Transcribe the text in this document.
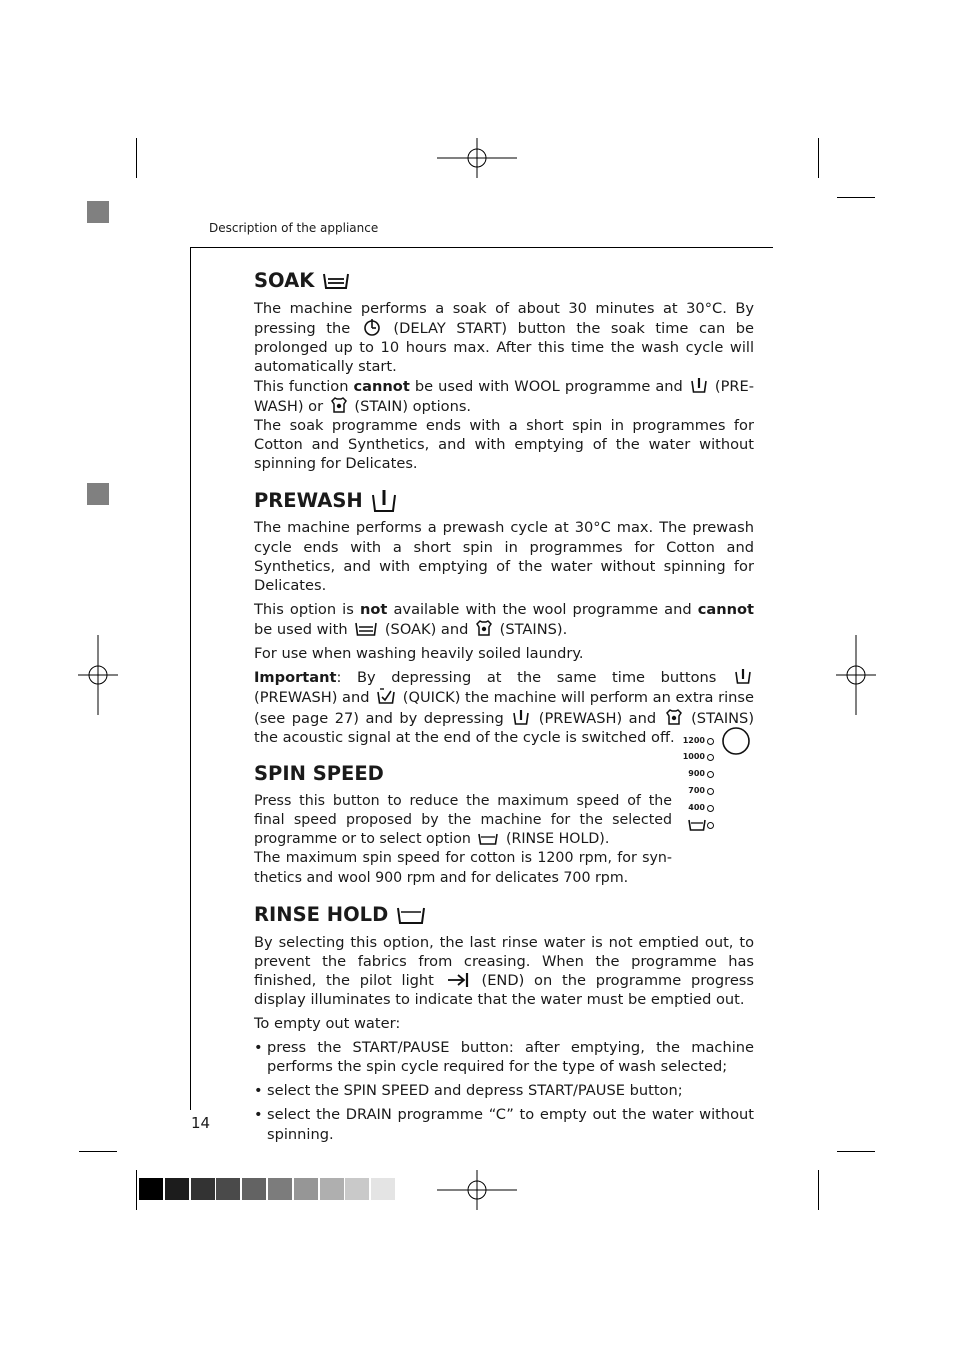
Description of the appliance
14
SOAK

The machine performs a soak of about 30 minutes at 30°C. By pressing the	(DELAY START) button the soak time can be prolonged up to 10 hours max. After this time the wash cycle will automatically start.

This function cannot be used with WOOL programme and (PRE-WASH) or (STAIN) options.

The soak programme ends with a short spin in programmes for Cotton and Synthetics, and with emptying of the water without spinning for Delicates.

PREWASH

The machine performs a prewash cycle at 30°C max. The prewash cycle ends with a short spin in programmes for Cotton and Synthetics, and with emptying of the water without spinning for Delicates.

This option is not available with the wool programme and cannot be used with	(SOAK) and (STAINS).

For use when washing heavily soiled laundry.

Important: By depressing at the same time buttons  (PREWASH) and (QUICK) the machine will perform an extra rinse (see page 27) and by depressing (PREWASH) and (STAINS) the acoustic signal at the end of the cycle is switched off.

SPIN SPEED

Press this button to reduce the maximum speed of the final speed proposed by the machine for the selected programme or to select option (RINSE HOLD).

The maximum spin speed for cotton is 1200 rpm, for syn-thetics and wool 900 rpm and for delicates 700 rpm.

RINSE HOLD

By selecting this option, the last rinse water is not emptied out, to prevent the fabrics from creasing. When the programme has finished, the pilot light	(END) on the programme progress display illuminates to indicate that the water must be emptied out.

To empty out water:

• press the START/PAUSE button: after emptying, the machine performs the spin cycle required for the type of wash selected;
• select the SPIN SPEED and depress START/PAUSE button;
• select the DRAIN programme “C” to empty out the water without spinning.
1200
1000
900
700
400
